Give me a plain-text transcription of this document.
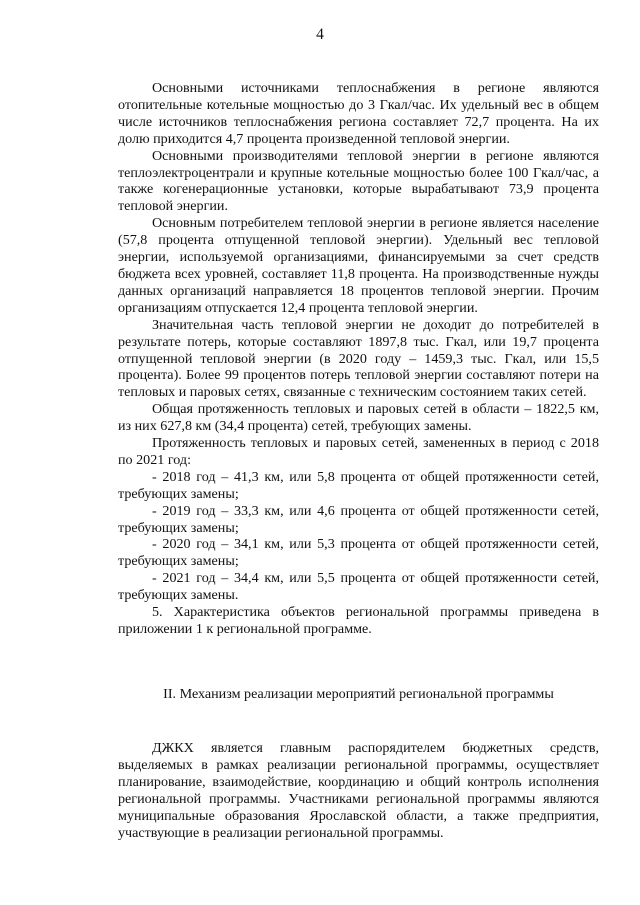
4

Основными источниками теплоснабжения в регионе являются отопительные котельные мощностью до 3 Гкал/час. Их удельный вес в общем числе источников теплоснабжения региона составляет 72,7 процента. На их долю приходится 4,7 процента произведенной тепловой энергии.

Основными производителями тепловой энергии в регионе являются теплоэлектроцентрали и крупные котельные мощностью более 100 Гкал/час, а также когенерационные установки, которые вырабатывают 73,9 процента тепловой энергии.

Основным потребителем тепловой энергии в регионе является население (57,8 процента отпущенной тепловой энергии). Удельный вес тепловой энергии, используемой организациями, финансируемыми за счет средств бюджета всех уровней, составляет 11,8 процента. На производственные нужды данных организаций направляется 18 процентов тепловой энергии. Прочим организациям отпускается 12,4 процента тепловой энергии.

Значительная часть тепловой энергии не доходит до потребителей в результате потерь, которые составляют 1897,8 тыс. Гкал, или 19,7 процента отпущенной тепловой энергии (в 2020 году – 1459,3 тыс. Гкал, или 15,5 процента). Более 99 процентов потерь тепловой энергии составляют потери на тепловых и паровых сетях, связанные с техническим состоянием таких сетей.

Общая протяженность тепловых и паровых сетей в области – 1822,5 км, из них 627,8 км (34,4 процента) сетей, требующих замены.

Протяженность тепловых и паровых сетей, замененных в период с 2018 по 2021 год:

- 2018 год – 41,3 км, или 5,8 процента от общей протяженности сетей, требующих замены;

- 2019 год – 33,3 км, или 4,6 процента от общей протяженности сетей, требующих замены;

- 2020 год – 34,1 км, или 5,3 процента от общей протяженности сетей, требующих замены;

- 2021 год – 34,4 км, или 5,5 процента от общей протяженности сетей, требующих замены.

5. Характеристика объектов региональной программы приведена в приложении 1 к региональной программе.

II. Механизм реализации мероприятий региональной программы

ДЖКХ является главным распорядителем бюджетных средств, выделяемых в рамках реализации региональной программы, осуществляет планирование, взаимодействие, координацию и общий контроль исполнения региональной программы. Участниками региональной программы являются муниципальные образования Ярославской области, а также предприятия, участвующие в реализации региональной программы.
